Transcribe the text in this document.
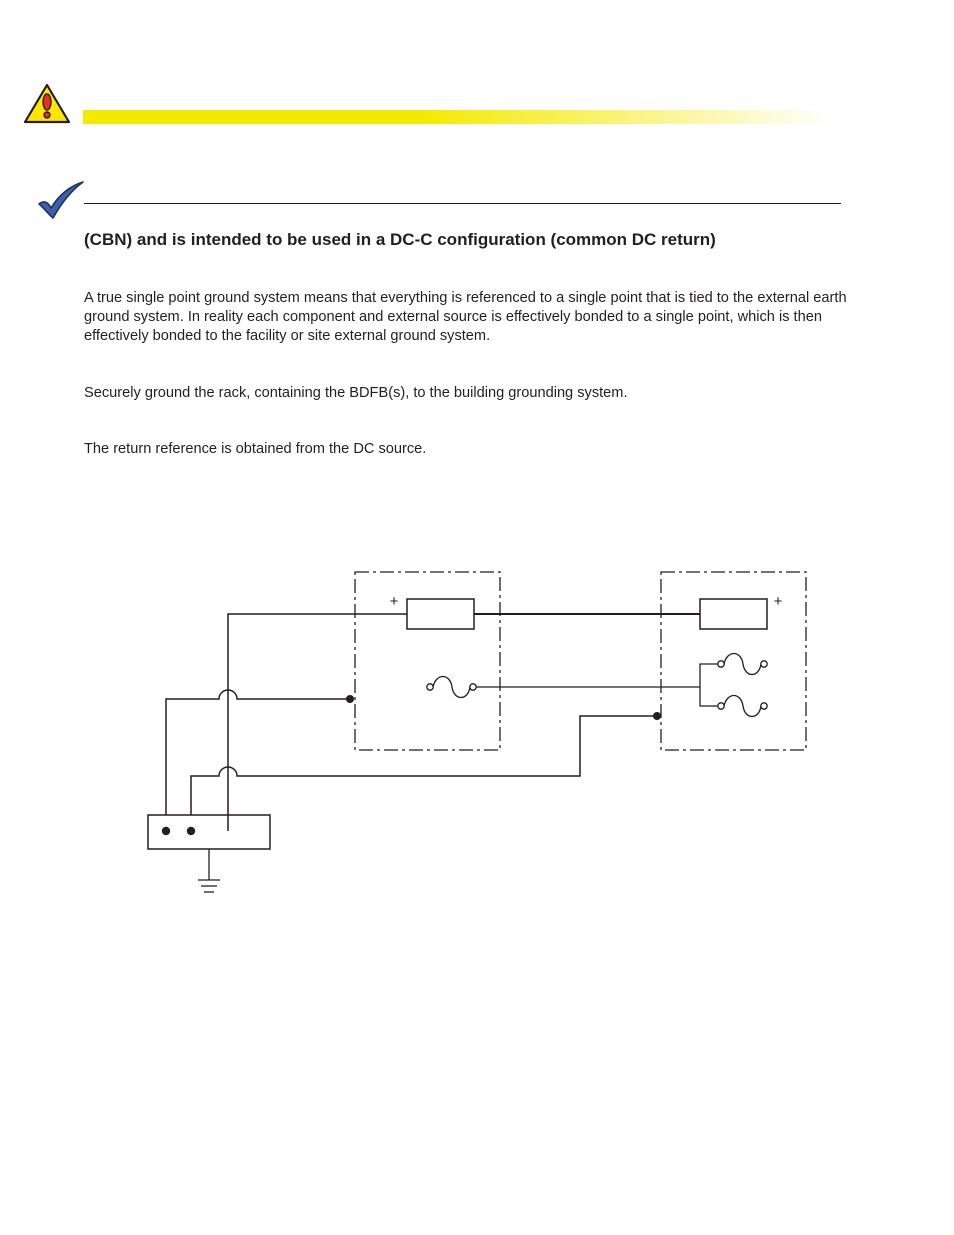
(CBN) and is intended to be used in a DC-C configuration (common DC return)
A true single point ground system means that everything is referenced to a single point that is tied to the external earth ground system. In reality each component and external source is effectively bonded to a single point, which is then effectively bonded to the facility or site external ground system.
Securely ground the rack, containing the BDFB(s), to the building grounding system.
The return reference is obtained from the DC source.
+	+
